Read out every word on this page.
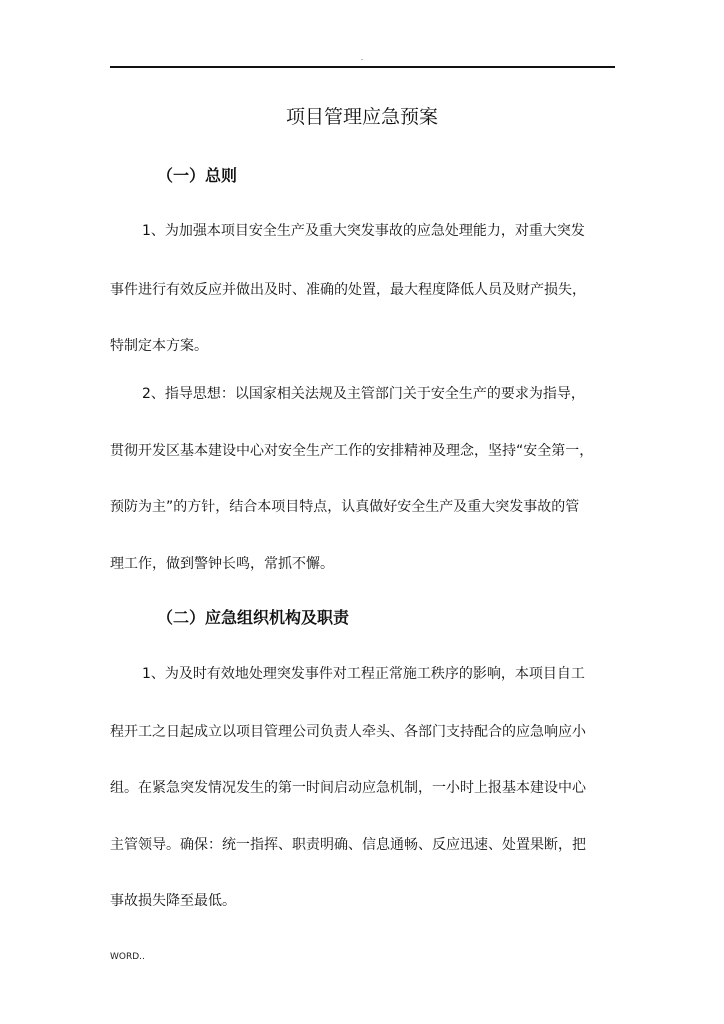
.
项目管理应急预案
（一）总则
1、为加强本项目安全生产及重大突发事故的应急处理能力，对重大突发
事件进行有效反应并做出及时、准确的处置，最大程度降低人员及财产损失，
特制定本方案。
2、指导思想：以国家相关法规及主管部门关于安全生产的要求为指导，
贯彻开发区基本建设中心对安全生产工作的安排精神及理念，坚持“安全第一，
预防为主”的方针，结合本项目特点，认真做好安全生产及重大突发事故的管
理工作，做到警钟长鸣，常抓不懈。
（二）应急组织机构及职责
1、为及时有效地处理突发事件对工程正常施工秩序的影响，本项目自工
程开工之日起成立以项目管理公司负责人牵头、各部门支持配合的应急响应小
组。在紧急突发情况发生的第一时间启动应急机制，一小时上报基本建设中心
主管领导。确保：统一指挥、职责明确、信息通畅、反应迅速、处置果断，把
事故损失降至最低。
WORD..
